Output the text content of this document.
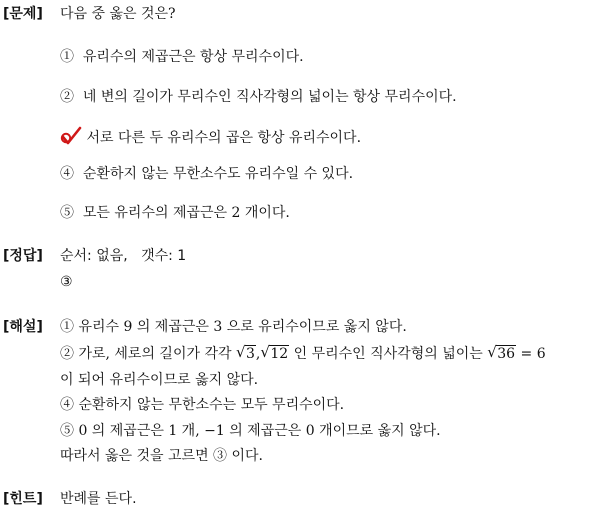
[문제] 다음 중 옳은 것은?
① 유리수의 제곱근은 항상 무리수이다.
② 네 변의 길이가 무리수인 직사각형의 넓이는 항상 무리수이다.
서로 다른 두 유리수의 곱은 항상 유리수이다.
④ 순환하지 않는 무한소수도 유리수일 수 있다.
⑤ 모든 유리수의 제곱근은 2 개이다.
[정답] 순서: 없음,   갯수: 1
③
[해설] ① 유리수 9 의 제곱근은 3 으로 유리수이므로 옳지 않다.
② 가로, 세로의 길이가 각각 √ 3, √ 12 인 무리수인 직사각형의 넓이는 √ 36 = 6
이 되어 유리수이므로 옳지 않다.
④ 순환하지 않는 무한소수는 모두 무리수이다.
⑤ 0 의 제곱근은 1 개, −1 의 제곱근은 0 개이므로 옳지 않다.
따라서 옳은 것을 고르면 ③ 이다.
[힌트] 반례를 든다.
